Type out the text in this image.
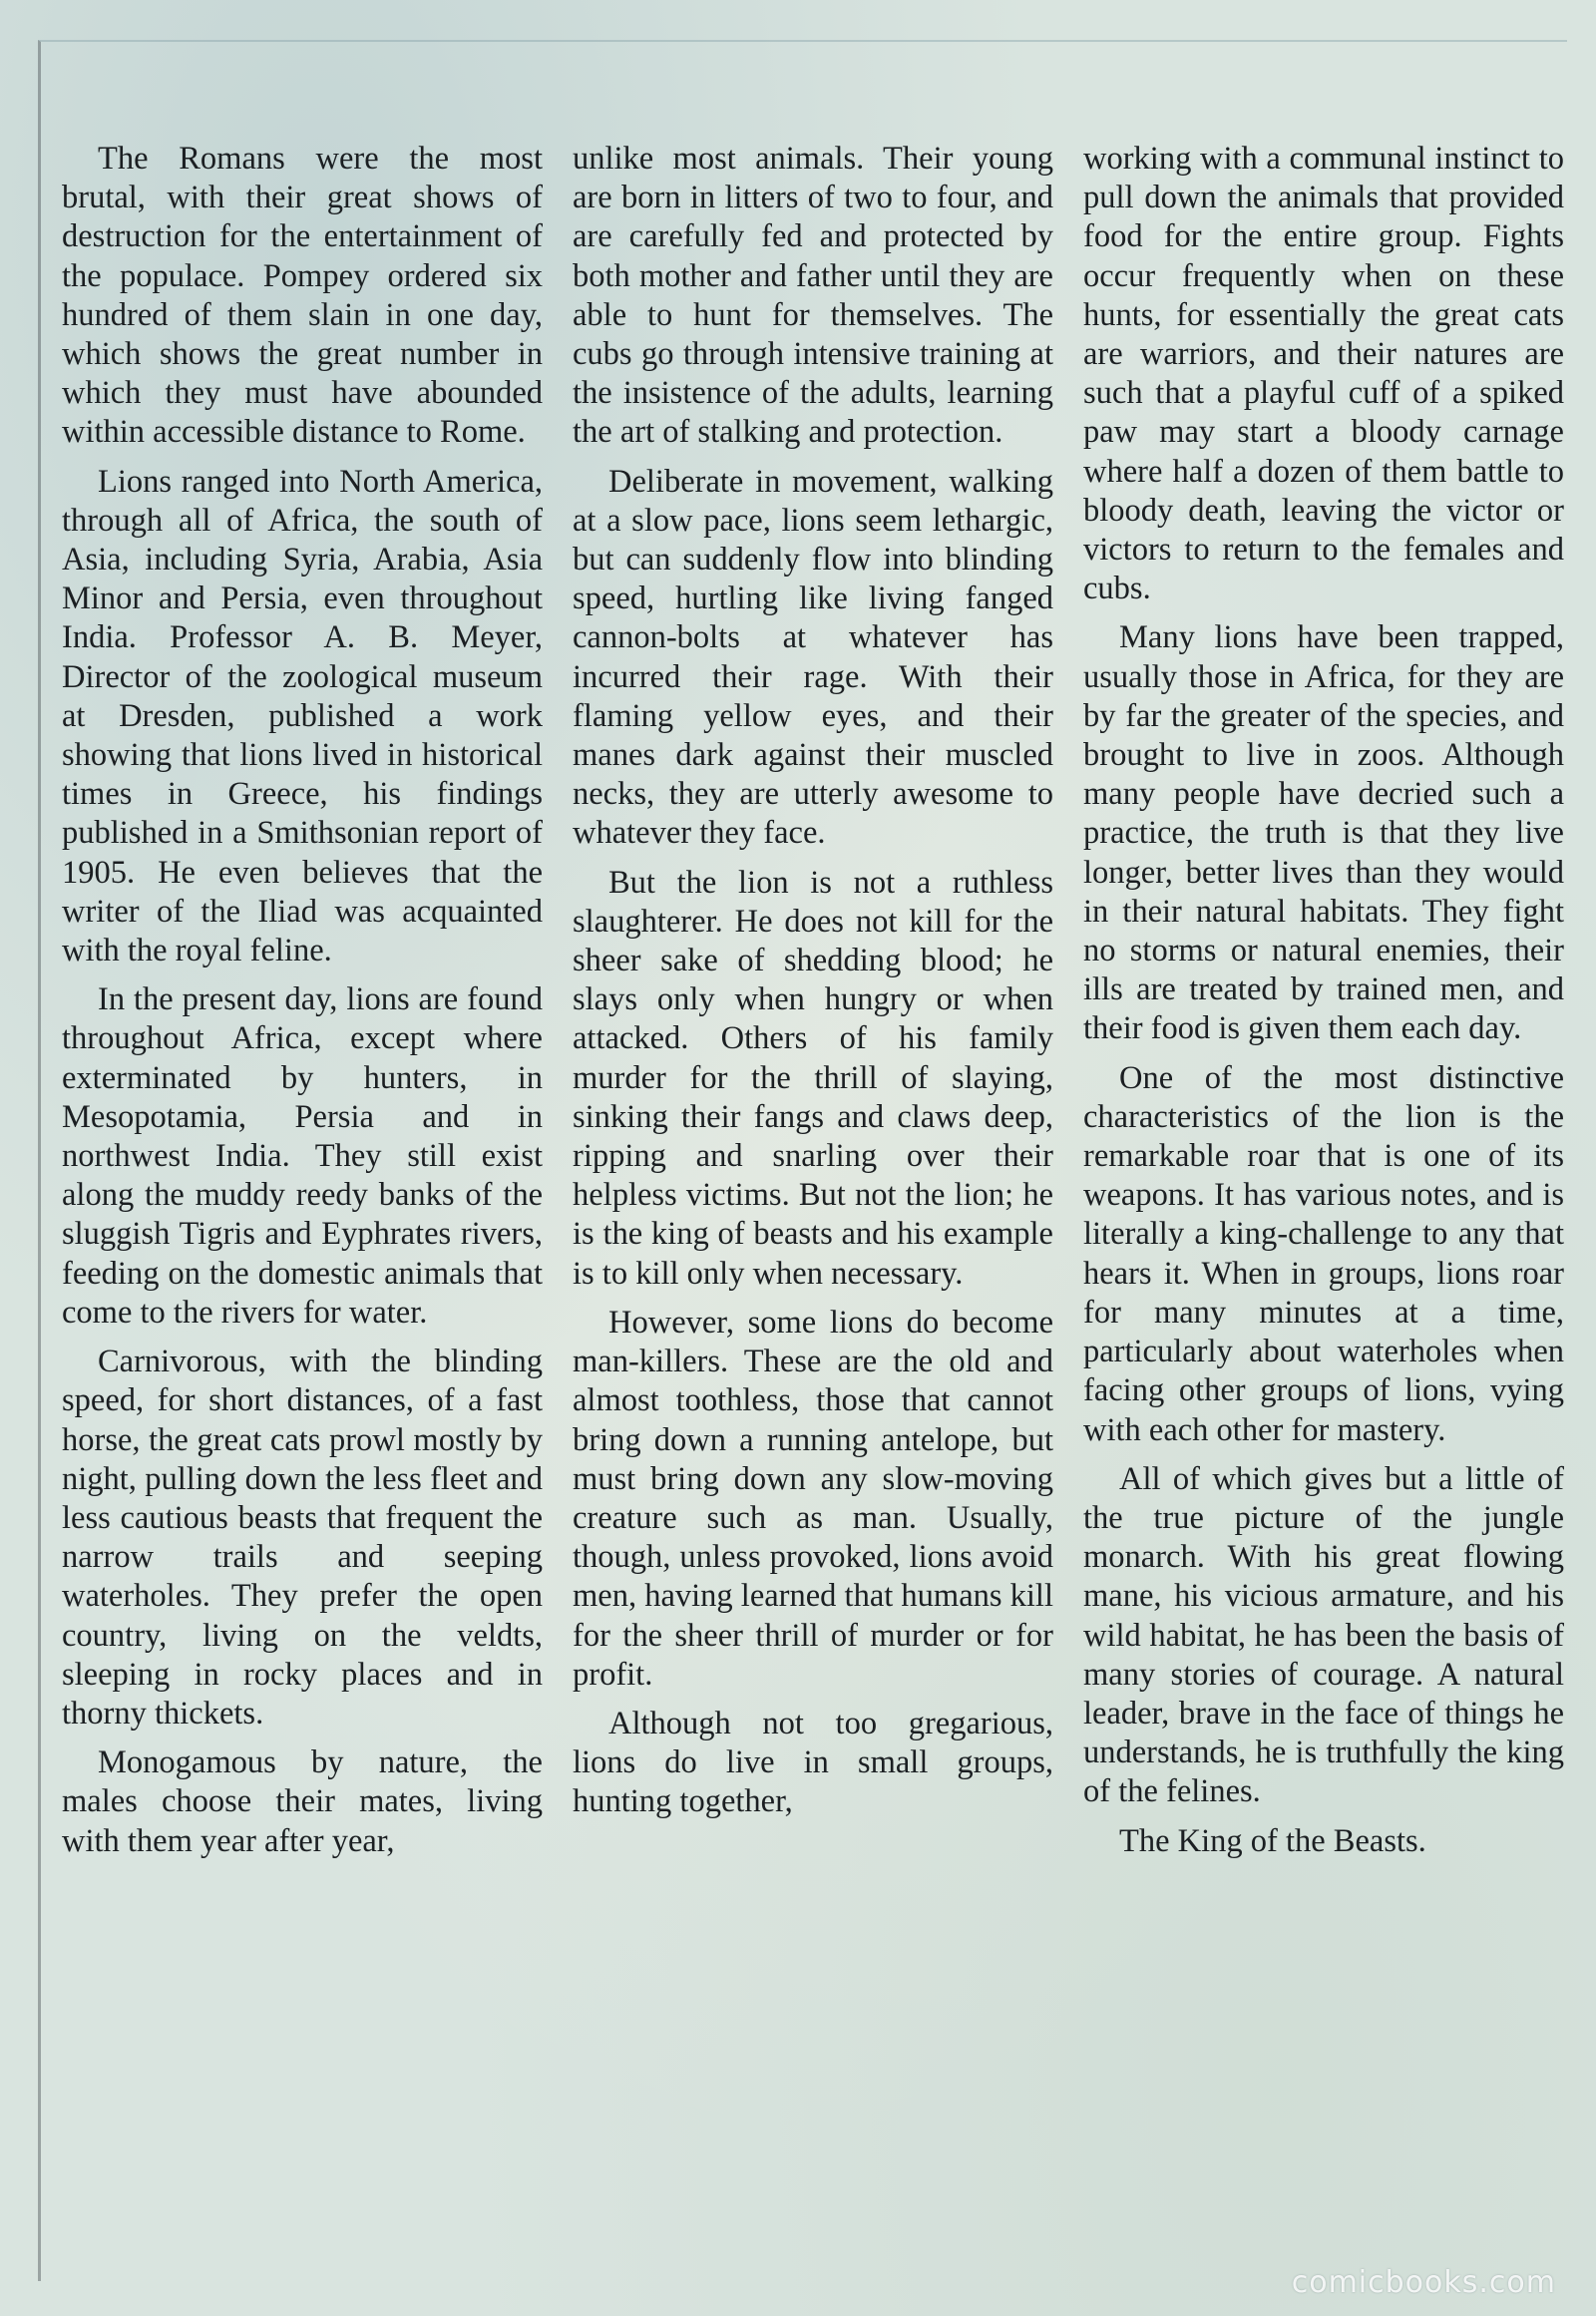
The Romans were the most brutal, with their great shows of destruction for the entertainment of the populace. Pompey ordered six hundred of them slain in one day, which shows the great number in which they must have abounded within accessible distance to Rome.

Lions ranged into North America, through all of Africa, the south of Asia, including Syria, Arabia, Asia Minor and Persia, even throughout India. Professor A. B. Meyer, Director of the zoological museum at Dresden, published a work showing that lions lived in historical times in Greece, his findings published in a Smithsonian report of 1905. He even believes that the writer of the Iliad was acquainted with the royal feline.

In the present day, lions are found throughout Africa, except where exterminated by hunters, in Mesopotamia, Persia and in northwest India. They still exist along the muddy reedy banks of the sluggish Tigris and Eyphrates rivers, feeding on the domestic animals that come to the rivers for water.

Carnivorous, with the blinding speed, for short distances, of a fast horse, the great cats prowl mostly by night, pulling down the less fleet and less cautious beasts that frequent the narrow trails and seeping waterholes. They prefer the open country, living on the veldts, sleeping in rocky places and in thorny thickets.

Monogamous by nature, the males choose their mates, living with them year after year,

unlike most animals. Their young are born in litters of two to four, and are carefully fed and protected by both mother and father until they are able to hunt for themselves. The cubs go through intensive training at the insistence of the adults, learning the art of stalking and protection.

Deliberate in movement, walking at a slow pace, lions seem lethargic, but can suddenly flow into blinding speed, hurtling like living fanged cannon-bolts at whatever has incurred their rage. With their flaming yellow eyes, and their manes dark against their muscled necks, they are utterly awesome to whatever they face.

But the lion is not a ruthless slaughterer. He does not kill for the sheer sake of shedding blood; he slays only when hungry or when attacked. Others of his family murder for the thrill of slaying, sinking their fangs and claws deep, ripping and snarling over their helpless victims. But not the lion; he is the king of beasts and his example is to kill only when necessary.

However, some lions do become man-killers. These are the old and almost toothless, those that cannot bring down a running antelope, but must bring down any slow-moving creature such as man. Usually, though, unless provoked, lions avoid men, having learned that humans kill for the sheer thrill of murder or for profit.

Although not too gregarious, lions do live in small groups, hunting together,

working with a communal instinct to pull down the animals that provided food for the entire group. Fights occur frequently when on these hunts, for essentially the great cats are warriors, and their natures are such that a playful cuff of a spiked paw may start a bloody carnage where half a dozen of them battle to bloody death, leaving the victor or victors to return to the females and cubs.

Many lions have been trapped, usually those in Africa, for they are by far the greater of the species, and brought to live in zoos. Although many people have decried such a practice, the truth is that they live longer, better lives than they would in their natural habitats. They fight no storms or natural enemies, their ills are treated by trained men, and their food is given them each day.

One of the most distinctive characteristics of the lion is the remarkable roar that is one of its weapons. It has various notes, and is literally a king-challenge to any that hears it. When in groups, lions roar for many minutes at a time, particularly about waterholes when facing other groups of lions, vying with each other for mastery.

All of which gives but a little of the true picture of the jungle monarch. With his great flowing mane, his vicious armature, and his wild habitat, he has been the basis of many stories of courage. A natural leader, brave in the face of things he understands, he is truthfully the king of the felines.

The King of the Beasts.

comicbooks.com
